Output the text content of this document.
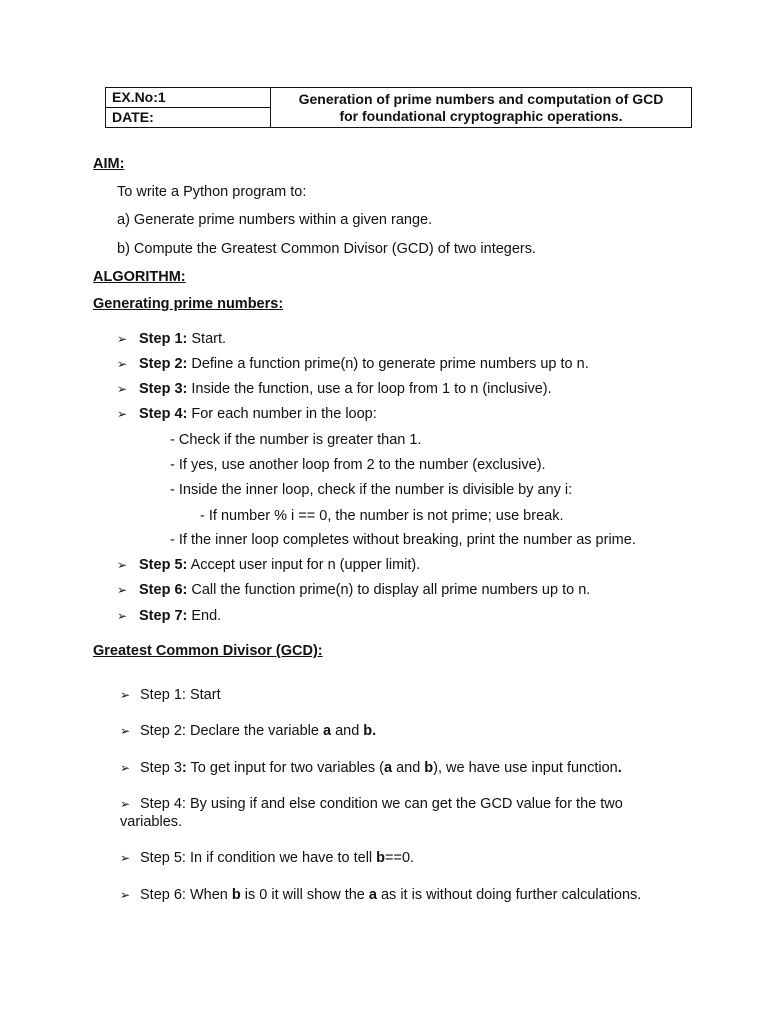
EX.No:1
DATE:
Generation of prime numbers and computation of GCD
for foundational cryptographic operations.
AIM:
To write a Python program to:
a) Generate prime numbers within a given range.
b) Compute the Greatest Common Divisor (GCD) of two integers.
ALGORITHM:
Generating prime numbers:
➢ Step 1: Start.
➢ Step 2: Define a function prime(n) to generate prime numbers up to n.
➢ Step 3: Inside the function, use a for loop from 1 to n (inclusive).
➢ Step 4: For each number in the loop:
- Check if the number is greater than 1.
- If yes, use another loop from 2 to the number (exclusive).
- Inside the inner loop, check if the number is divisible by any i:
- If number % i == 0, the number is not prime; use break.
- If the inner loop completes without breaking, print the number as prime.
➢ Step 5: Accept user input for n (upper limit).
➢ Step 6: Call the function prime(n) to display all prime numbers up to n.
➢ Step 7: End.
Greatest Common Divisor (GCD):
➢ Step 1: Start
➢ Step 2: Declare the variable a and b.
➢ Step 3: To get input for two variables (a and b), we have use input function.
➢ Step 4: By using if and else condition we can get the GCD value for the two variables.
➢ Step 5: In if condition we have to tell b==0.
➢ Step 6: When b is 0 it will show the a as it is without doing further calculations.
